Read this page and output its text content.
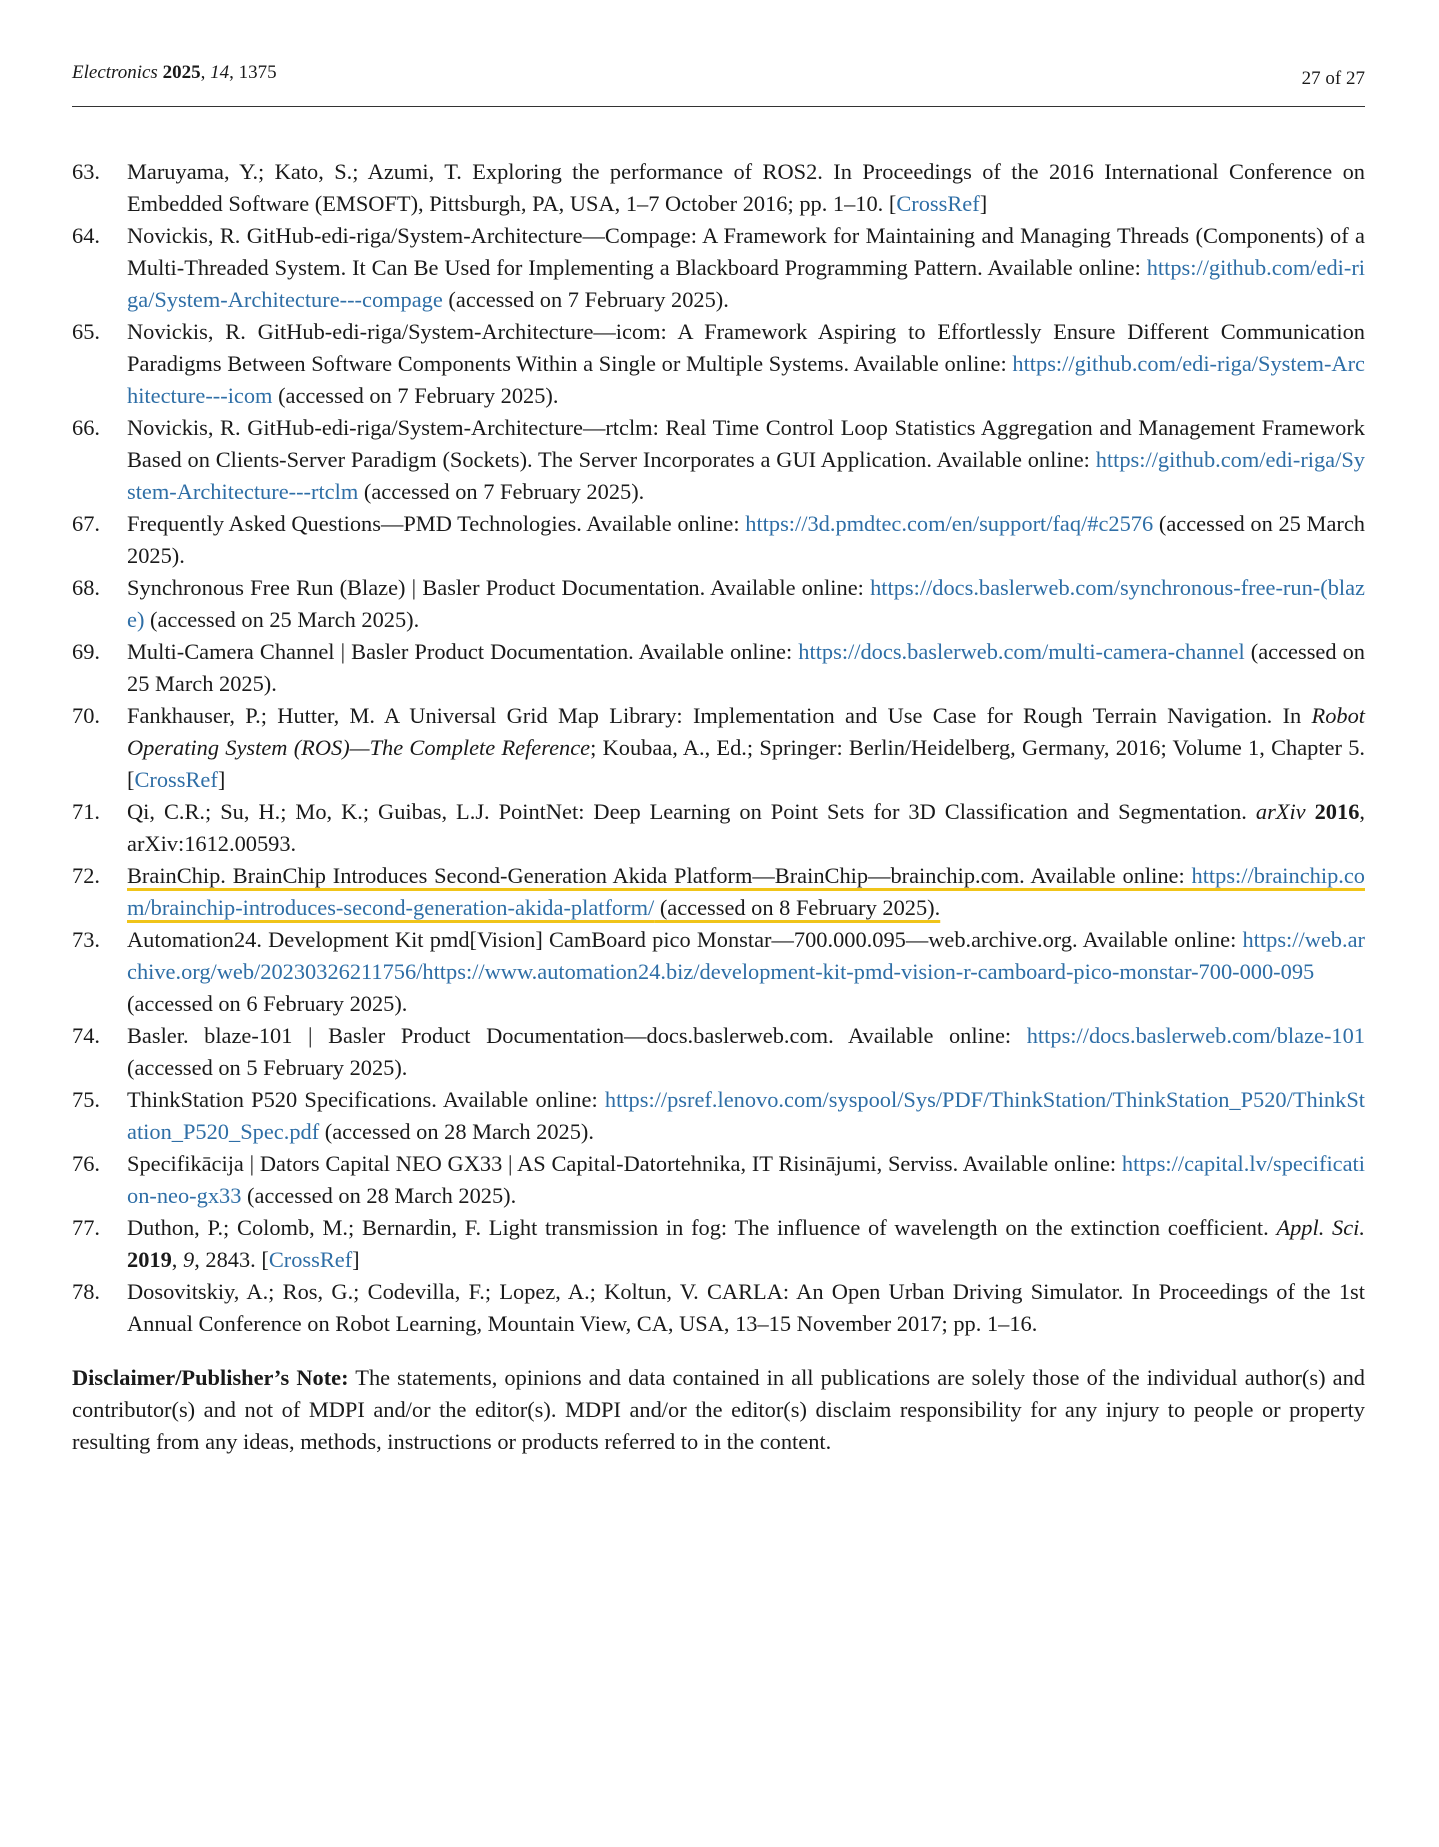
Electronics 2025, 14, 1375	27 of 27
63. Maruyama, Y.; Kato, S.; Azumi, T. Exploring the performance of ROS2. In Proceedings of the 2016 International Conference on Embedded Software (EMSOFT), Pittsburgh, PA, USA, 1–7 October 2016; pp. 1–10. [CrossRef]
64. Novickis, R. GitHub-edi-riga/System-Architecture—Compage: A Framework for Maintaining and Managing Threads (Components) of a Multi-Threaded System. It Can Be Used for Implementing a Blackboard Programming Pattern. Available online: https://github.com/edi-riga/System-Architecture---compage (accessed on 7 February 2025).
65. Novickis, R. GitHub-edi-riga/System-Architecture—icom: A Framework Aspiring to Effortlessly Ensure Different Communication Paradigms Between Software Components Within a Single or Multiple Systems. Available online: https://github.com/edi-riga/System-Architecture---icom (accessed on 7 February 2025).
66. Novickis, R. GitHub-edi-riga/System-Architecture—rtclm: Real Time Control Loop Statistics Aggregation and Management Framework Based on Clients-Server Paradigm (Sockets). The Server Incorporates a GUI Application. Available online: https://github.com/edi-riga/System-Architecture---rtclm (accessed on 7 February 2025).
67. Frequently Asked Questions—PMD Technologies. Available online: https://3d.pmdtec.com/en/support/faq/#c2576 (accessed on 25 March 2025).
68. Synchronous Free Run (Blaze) | Basler Product Documentation. Available online: https://docs.baslerweb.com/synchronous-free-run-(blaze) (accessed on 25 March 2025).
69. Multi-Camera Channel | Basler Product Documentation. Available online: https://docs.baslerweb.com/multi-camera-channel (accessed on 25 March 2025).
70. Fankhauser, P.; Hutter, M. A Universal Grid Map Library: Implementation and Use Case for Rough Terrain Navigation. In Robot Operating System (ROS)—The Complete Reference; Koubaa, A., Ed.; Springer: Berlin/Heidelberg, Germany, 2016; Volume 1, Chapter 5. [CrossRef]
71. Qi, C.R.; Su, H.; Mo, K.; Guibas, L.J. PointNet: Deep Learning on Point Sets for 3D Classification and Segmentation. arXiv 2016, arXiv:1612.00593.
72. BrainChip. BrainChip Introduces Second-Generation Akida Platform—BrainChip—brainchip.com. Available online: https://brainchip.com/brainchip-introduces-second-generation-akida-platform/ (accessed on 8 February 2025).
73. Automation24. Development Kit pmd[Vision] CamBoard pico Monstar—700.000.095—web.archive.org. Available online: https://web.archive.org/web/20230326211756/https://www.automation24.biz/development-kit-pmd-vision-r-camboard-pico-monstar-700-000-095 (accessed on 6 February 2025).
74. Basler. blaze-101 | Basler Product Documentation—docs.baslerweb.com. Available online: https://docs.baslerweb.com/blaze-101 (accessed on 5 February 2025).
75. ThinkStation P520 Specifications. Available online: https://psref.lenovo.com/syspool/Sys/PDF/ThinkStation/ThinkStation_P520/ThinkStation_P520_Spec.pdf (accessed on 28 March 2025).
76. Specifikācija | Dators Capital NEO GX33 | AS Capital-Datortehnika, IT Risinājumi, Serviss. Available online: https://capital.lv/specification-neo-gx33 (accessed on 28 March 2025).
77. Duthon, P.; Colomb, M.; Bernardin, F. Light transmission in fog: The influence of wavelength on the extinction coefficient. Appl. Sci. 2019, 9, 2843. [CrossRef]
78. Dosovitskiy, A.; Ros, G.; Codevilla, F.; Lopez, A.; Koltun, V. CARLA: An Open Urban Driving Simulator. In Proceedings of the 1st Annual Conference on Robot Learning, Mountain View, CA, USA, 13–15 November 2017; pp. 1–16.
Disclaimer/Publisher’s Note: The statements, opinions and data contained in all publications are solely those of the individual author(s) and contributor(s) and not of MDPI and/or the editor(s). MDPI and/or the editor(s) disclaim responsibility for any injury to people or property resulting from any ideas, methods, instructions or products referred to in the content.
